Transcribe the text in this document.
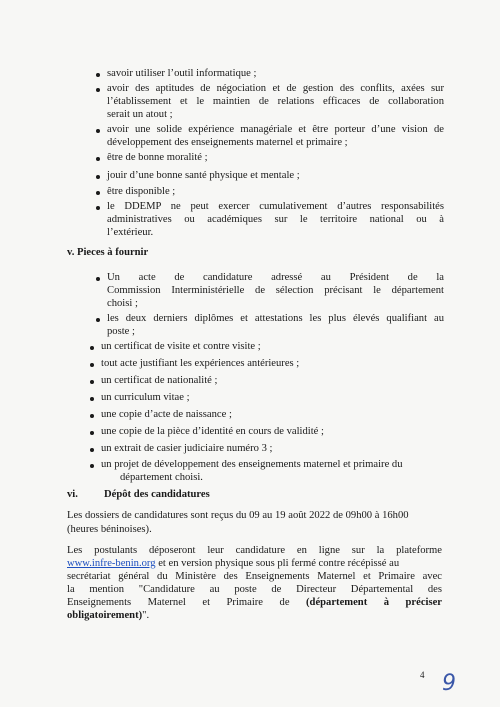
savoir utiliser l’outil informatique ;
avoir des aptitudes de négociation et de gestion des conflits, axées sur
l’établissement et le maintien de relations efficaces de collaboration
serait un atout ;
avoir une solide expérience managériale et être porteur d’une vision de
développement des enseignements maternel et primaire ;
être de bonne moralité ;
jouir d’une bonne santé physique et mentale ;
être disponible ;
le DDEMP ne peut exercer cumulativement d’autres responsabilités
administratives ou académiques sur le territoire national ou à
l’extérieur.
v. Pieces à fournir
Un acte de candidature adressé au Président de la
Commission Interministérielle de sélection précisant le département
choisi ;
les deux derniers diplômes et attestations les plus élevés qualifiant au
poste ;
un certificat de visite et contre visite ;
tout acte justifiant les expériences antérieures ;
un certificat de nationalité ;
un curriculum vitae ;
une copie d’acte de naissance ;
une copie de la pièce d’identité en cours de validité ;
un extrait de casier judiciaire numéro 3 ;
un projet de développement des enseignements maternel et primaire du
département choisi.
vi. Dépôt des candidatures
Les dossiers de candidatures sont reçus du 09 au 19 août 2022 de 09h00 à 16h00
(heures béninoises).
Les postulants déposeront leur candidature en ligne sur la plateforme
www.infre-benin.org et en version physique sous pli fermé contre récépissé au
secrétariat général du Ministère des Enseignements Maternel et Primaire avec
la mention "Candidature au poste de Directeur Départemental des
Enseignements Maternel et Primaire de (département à préciser
obligatoirement)".
4 9
